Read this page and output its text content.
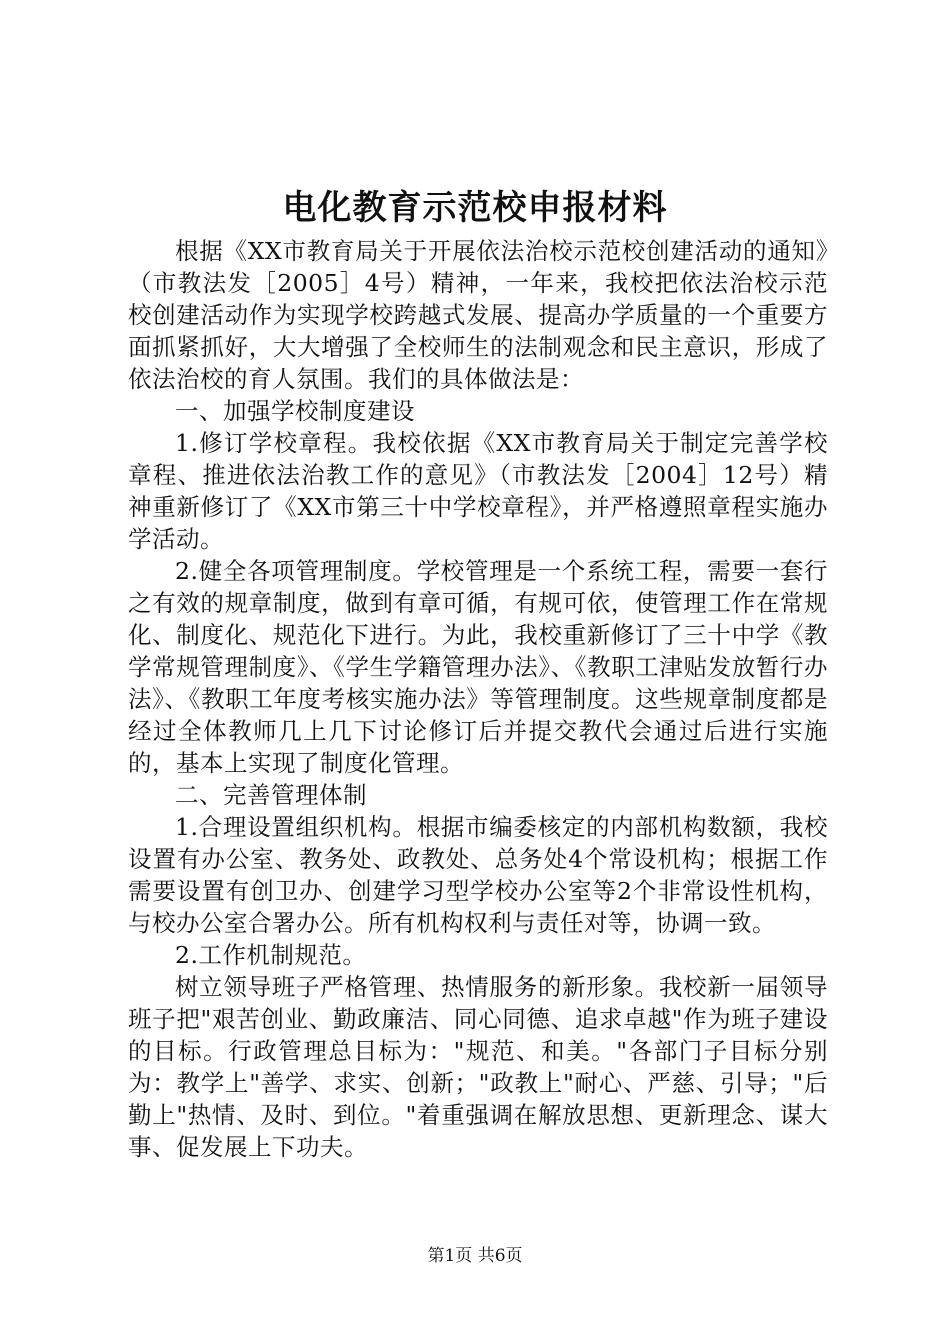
电化教育示范校申报材料

根据《XX市教育局关于开展依法治校示范校创建活动的通知》（市教法发［2005］4号）精神，一年来，我校把依法治校示范校创建活动作为实现学校跨越式发展、提高办学质量的一个重要方面抓紧抓好，大大增强了全校师生的法制观念和民主意识，形成了依法治校的育人氛围。我们的具体做法是：

一、加强学校制度建设

1.修订学校章程。我校依据《XX市教育局关于制定完善学校章程、推进依法治教工作的意见》（市教法发［2004］12号）精神重新修订了《XX市第三十中学校章程》，并严格遵照章程实施办学活动。

2.健全各项管理制度。学校管理是一个系统工程，需要一套行之有效的规章制度，做到有章可循，有规可依，使管理工作在常规化、制度化、规范化下进行。为此，我校重新修订了三十中学《教学常规管理制度》、《学生学籍管理办法》、《教职工津贴发放暂行办法》、《教职工年度考核实施办法》等管理制度。这些规章制度都是经过全体教师几上几下讨论修订后并提交教代会通过后进行实施的，基本上实现了制度化管理。

二、完善管理体制

1.合理设置组织机构。根据市编委核定的内部机构数额，我校设置有办公室、教务处、政教处、总务处4个常设机构；根据工作需要设置有创卫办、创建学习型学校办公室等2个非常设性机构，与校办公室合署办公。所有机构权利与责任对等，协调一致。

2.工作机制规范。

树立领导班子严格管理、热情服务的新形象。我校新一届领导班子把"艰苦创业、勤政廉洁、同心同德、追求卓越"作为班子建设的目标。行政管理总目标为："规范、和美。"各部门子目标分别为：教学上"善学、求实、创新；"政教上"耐心、严慈、引导；"后勤上"热情、及时、到位。"着重强调在解放思想、更新理念、谋大事、促发展上下功夫。

第1页 共6页
